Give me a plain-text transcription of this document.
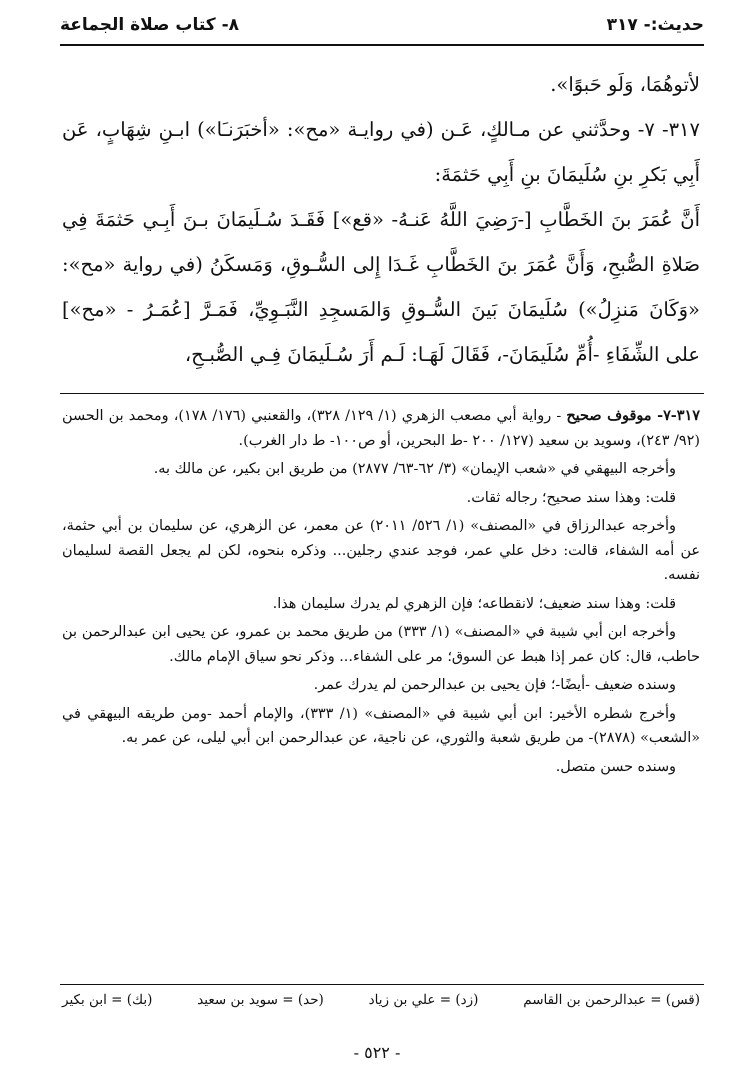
حديث:- ٣١٧
٨- كتاب صلاة الجماعة

لأتوهُمَا، وَلَو حَبوًا».

٣١٧- ٧- وحدَّثني عن مـالكٍ، عَـن (في روايـة «مح»: «أخبَرَنـَا») ابـنِ شِهَابٍ، عَن أَبِي بَكرِ بنِ سُلَيمَانَ بنِ أَبِي حَثمَةَ:

أَنَّ عُمَرَ بنَ الخَطَّابِ [-رَضِيَ اللَّهُ عَنـهُ- «قع»] فَقَـدَ سُـلَيمَانَ بـنَ أَبِـي حَثمَةَ فِي صَلاةِ الصُّبحِ، وَأَنَّ عُمَرَ بنَ الخَطَّابِ غَـدَا إِلى السُّـوقِ، وَمَسكَنُ (في رواية «مح»: «وَكَانَ مَنزِلُ») سُلَيمَانَ بَينَ السُّـوقِ وَالمَسجِدِ النَّبَـوِيِّ، فَمَـرَّ [عُمَـرُ - «مح»] على الشِّفَاءِ -أُمِّ سُلَيمَانَ-، فَقَالَ لَهَـا: لَـم أَرَ سُـلَيمَانَ فِـي الصُّبـحِ،

٣١٧-٧- موقوف صحيح - رواية أبي مصعب الزهري (١/ ١٢٩/ ٣٢٨)، والقعنبي (١٧٦/ ١٧٨)، ومحمد بن الحسن (٩٢/ ٢٤٣)، وسويد بن سعيد (١٢٧/ ٢٠٠ -ط البحرين، أو ص١٠٠- ط دار الغرب).

وأخرجه البيهقي في «شعب الإيمان» (٣/ ٦٢-٦٣/ ٢٨٧٧) من طريق ابن بكير، عن مالك به.

قلت: وهذا سند صحيح؛ رجاله ثقات.

وأخرجه عبدالرزاق في «المصنف» (١/ ٥٢٦/ ٢٠١١) عن معمر، عن الزهري، عن سليمان بن أبي حثمة، عن أمه الشفاء، قالت: دخل علي عمر، فوجد عندي رجلين... وذكره بنحوه، لكن لم يجعل القصة لسليمان نفسه.

قلت: وهذا سند ضعيف؛ لانقطاعه؛ فإن الزهري لم يدرك سليمان هذا.

وأخرجه ابن أبي شيبة في «المصنف» (١/ ٣٣٣) من طريق محمد بن عمرو، عن يحيى ابن عبدالرحمن بن حاطب، قال: كان عمر إذا هبط عن السوق؛ مر على الشفاء... وذكر نحو سياق الإمام مالك.

وسنده ضعيف -أيضًا-؛ فإن يحيى بن عبدالرحمن لم يدرك عمر.

وأخرج شطره الأخير: ابن أبي شيبة في «المصنف» (١/ ٣٣٣)، والإمام أحمد -ومن طريقه البيهقي في «الشعب» (٢٨٧٨)- من طريق شعبة والثوري، عن ناجية، عن عبدالرحمن ابن أبي ليلى، عن عمر به.

وسنده حسن متصل.

(قس) = عبدالرحمن بن القاسم
(زد) = علي بن زياد
(حد) = سويد بن سعيد
(بك) = ابن بكير
- ٥٢٢ -
